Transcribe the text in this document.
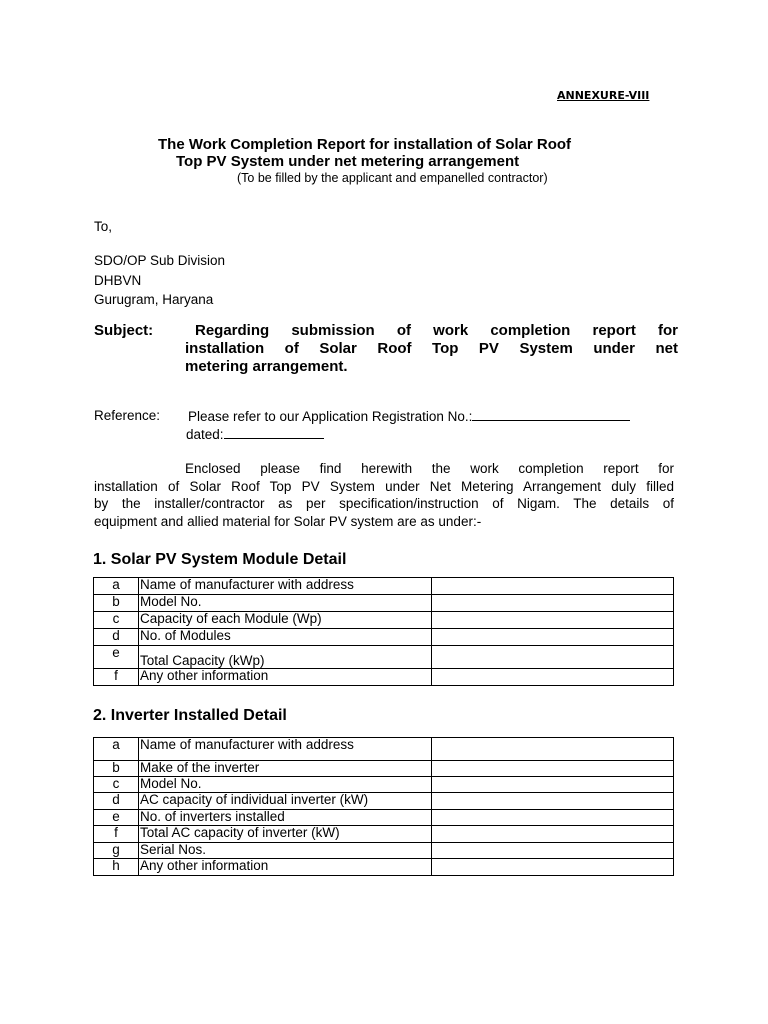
ANNEXURE-VIII
The Work Completion Report for installation of Solar Roof
Top PV System under net metering arrangement
(To be filled by the applicant and empanelled contractor)
To,
SDO/OP Sub Division
DHBVN
Gurugram, Haryana
Subject:	Regarding submission of work completion report for
installation of Solar Roof Top PV System under net
metering arrangement.
Reference: Please refer to our Application Registration No.:
dated:
Enclosed please find herewith the work completion report for
installation of Solar Roof Top PV System under Net Metering Arrangement duly filled
by the installer/contractor as per specification/instruction of Nigam. The details of
equipment and allied material for Solar PV system are as under:-
1. Solar PV System Module Detail
a	Name of manufacturer with address	
b	Model No.	
c	Capacity of each Module (Wp)	
d	No. of Modules	
e	Total Capacity (kWp)	
f	Any other information	
2. Inverter Installed Detail
a	Name of manufacturer with address	
b	Make of the inverter	
c	Model No.	
d	AC capacity of individual inverter (kW)	
e	No. of inverters installed	
f	Total AC capacity of inverter (kW)	
g	Serial Nos.	
h	Any other information	
